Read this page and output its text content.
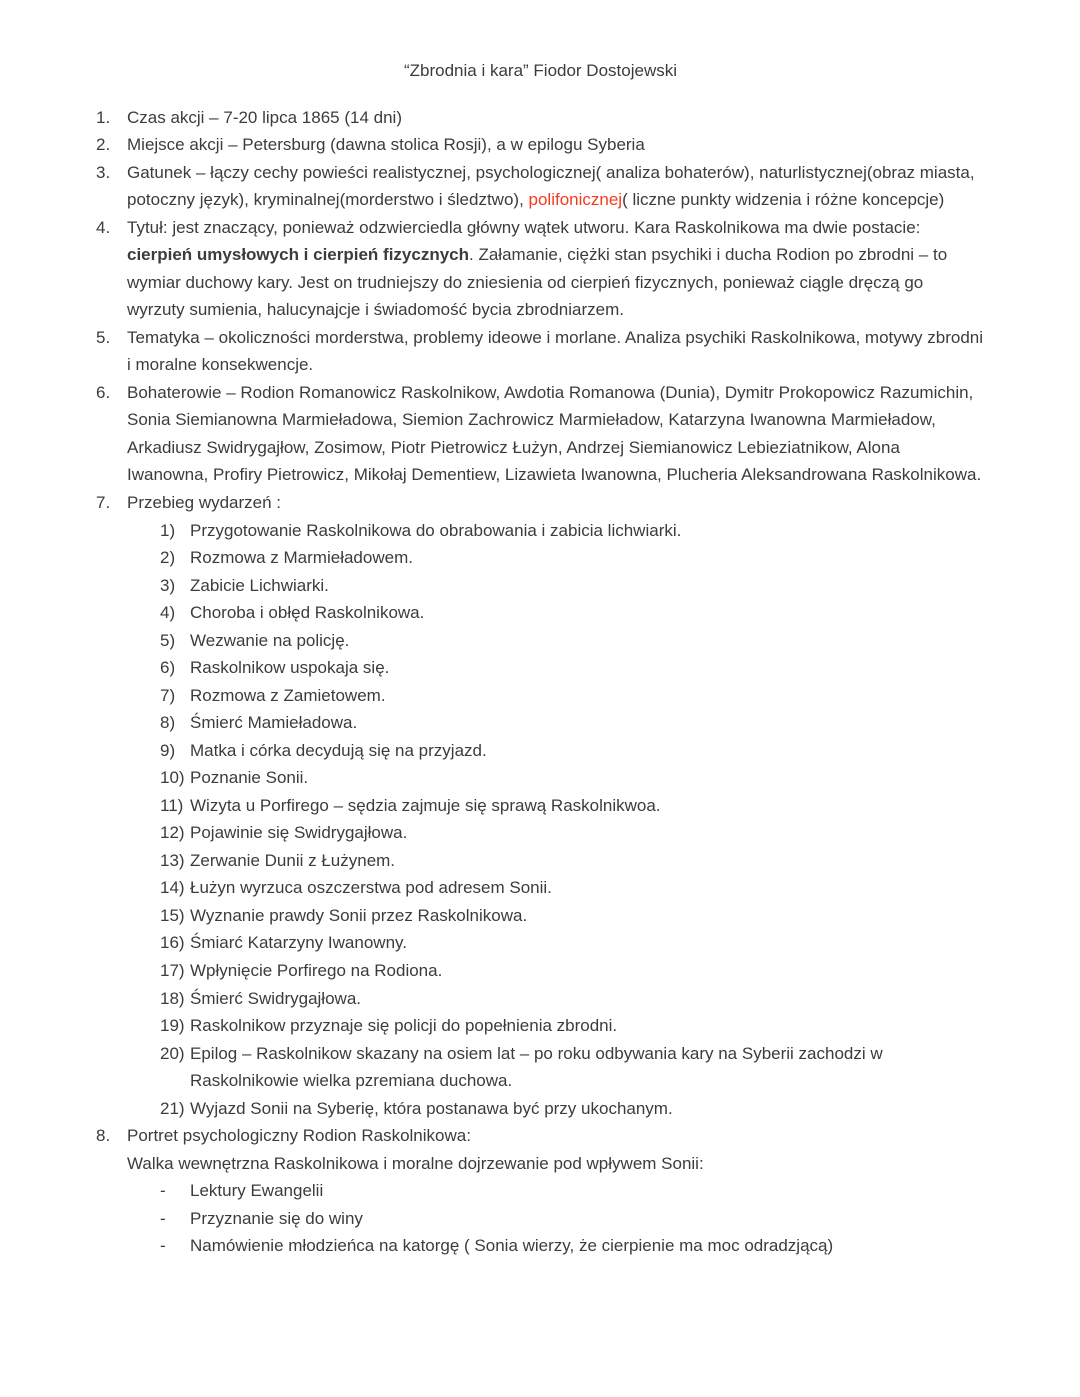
“Zbrodnia i kara” Fiodor Dostojewski
1. Czas akcji – 7-20 lipca 1865 (14 dni)
2. Miejsce akcji – Petersburg (dawna stolica Rosji), a w epilogu Syberia
3. Gatunek – łączy cechy powieści realistycznej, psychologicznej( analiza bohaterów), naturlistycznej(obraz miasta, potoczny język), kryminalnej(morderstwo i śledztwo), polifonicznej( liczne punkty widzenia i różne koncepcje)
4. Tytuł: jest znaczący, ponieważ odzwierciedla główny wątek utworu. Kara Raskolnikowa ma dwie postacie: cierpień umysłowych i cierpień fizycznych. Załamanie, ciężki stan psychiki i ducha Rodion po zbrodni – to wymiar duchowy kary. Jest on trudniejszy do zniesienia od cierpień fizycznych, ponieważ ciągle dręczą go wyrzuty sumienia, halucynajcje i świadomość bycia zbrodniarzem.
5. Tematyka – okoliczności morderstwa, problemy ideowe i morlane. Analiza psychiki Raskolnikowa, motywy zbrodni i moralne konsekwencje.
6. Bohaterowie – Rodion Romanowicz Raskolnikow, Awdotia Romanowa (Dunia), Dymitr Prokopowicz Razumichin, Sonia Siemianowna Marmieładowa, Siemion Zachrowicz Marmieładow, Katarzyna Iwanowna Marmieładow, Arkadiusz Swidrygajłow, Zosimow, Piotr Pietrowicz Łużyn, Andrzej Siemianowicz Lebieziatnikow, Alona Iwanowna, Profiry Pietrowicz, Mikołaj Dementiew, Lizawieta Iwanowna, Plucheria Aleksandrowana Raskolnikowa.
7. Przebieg wydarzeń :
1) Przygotowanie Raskolnikowa do obrabowania i zabicia lichwiarki.
2) Rozmowa z Marmieładowem.
3) Zabicie Lichwiarki.
4) Choroba i obłęd Raskolnikowa.
5) Wezwanie na policję.
6) Raskolnikow uspokaja się.
7) Rozmowa z Zamietowem.
8) Śmierć Mamieładowa.
9) Matka i córka decydują się na przyjazd.
10) Poznanie Sonii.
11) Wizyta u Porfirego – sędzia zajmuje się sprawą Raskolnikwoa.
12) Pojawinie się Swidrygajłowa.
13) Zerwanie Dunii z Łużynem.
14) Łużyn wyrzuca oszczerstwa pod adresem Sonii.
15) Wyznanie prawdy Sonii przez Raskolnikowa.
16) Śmiarć Katarzyny Iwanowny.
17) Wpłynięcie Porfirego na Rodiona.
18) Śmierć Swidrygajłowa.
19) Raskolnikow przyznaje się policji do popełnienia zbrodni.
20) Epilog – Raskolnikow skazany na osiem lat – po roku odbywania kary na Syberii zachodzi w Raskolnikowie wielka pzremiana duchowa.
21) Wyjazd Sonii na Syberię, która postanawa być przy ukochanym.
8. Portret psychologiczny Rodion Raskolnikowa:
Walka wewnętrzna Raskolnikowa i moralne dojrzewanie pod wpływem Sonii:
-	Lektury Ewangelii
-	Przyznanie się do winy
-	Namówienie młodzieńca na katorgę ( Sonia wierzy, że cierpienie ma moc odradzjącą)
